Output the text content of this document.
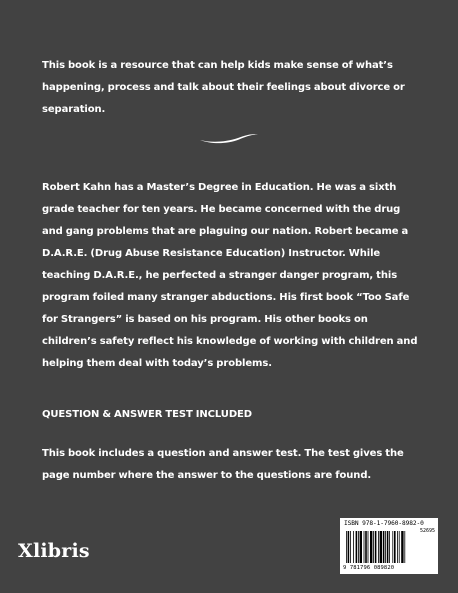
This book is a resource that can help kids make sense of what’s happening, process and talk about their feelings about divorce or separation.

Robert Kahn has a Master’s Degree in Education. He was a sixth grade teacher for ten years. He became concerned with the drug and gang problems that are plaguing our nation. Robert became a D.A.R.E. (Drug Abuse Resistance Education) Instructor. While teaching D.A.R.E., he perfected a stranger danger program, this program foiled many stranger abductions. His first book “Too Safe for Strangers” is based on his program. His other books on children’s safety reflect his knowledge of working with children and helping them deal with today’s problems.

QUESTION & ANSWER TEST INCLUDED

This book includes a question and answer test. The test gives the page number where the answer to the questions are found.

Xlibris
ISBN 978-1-7960-8982-0
52695
9 781796 089820
